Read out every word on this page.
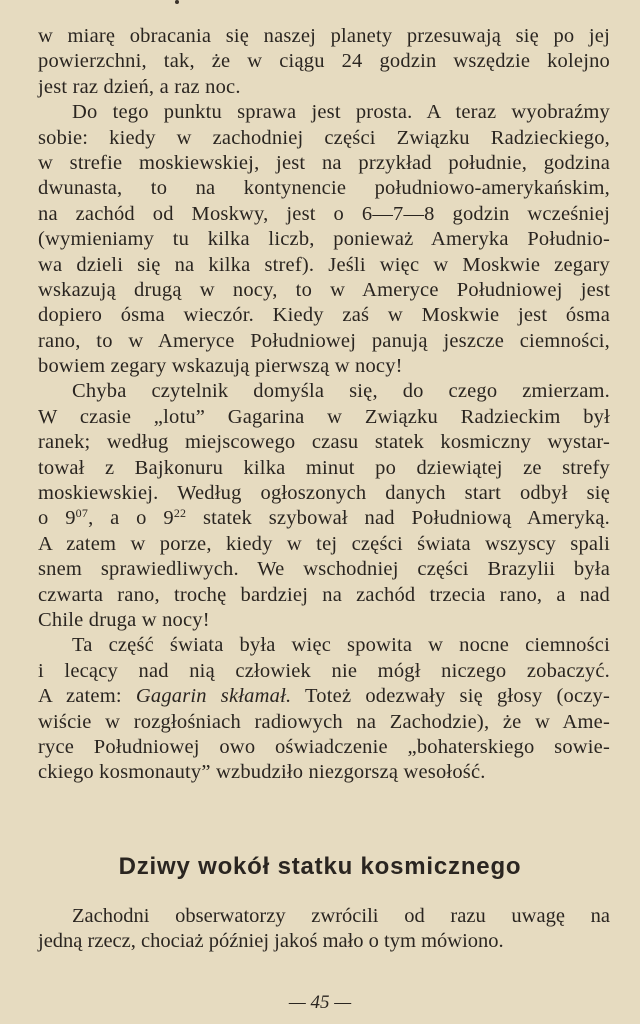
w miarę obracania się naszej planety przesuwają się po jej
powierzchni, tak, że w ciągu 24 godzin wszędzie kolejno
jest raz dzień, a raz noc.
Do tego punktu sprawa jest prosta. A teraz wyobraźmy
sobie: kiedy w zachodniej części Związku Radzieckiego,
w strefie moskiewskiej, jest na przykład południe, godzina
dwunasta, to na kontynencie południowo-amerykańskim,
na zachód od Moskwy, jest o 6—7—8 godzin wcześniej
(wymieniamy tu kilka liczb, ponieważ Ameryka Południo-
wa dzieli się na kilka stref). Jeśli więc w Moskwie zegary
wskazują drugą w nocy, to w Ameryce Południowej jest
dopiero ósma wieczór. Kiedy zaś w Moskwie jest ósma
rano, to w Ameryce Południowej panują jeszcze ciemności,
bowiem zegary wskazują pierwszą w nocy!
Chyba czytelnik domyśla się, do czego zmierzam.
W czasie „lotu” Gagarina w Związku Radzieckim był
ranek; według miejscowego czasu statek kosmiczny wystar-
tował z Bajkonuru kilka minut po dziewiątej ze strefy
moskiewskiej. Według ogłoszonych danych start odbył się
o $9^{07}$, a o $9^{22}$ statek szybował nad Południową Ameryką.
A zatem w porze, kiedy w tej części świata wszyscy spali
snem sprawiedliwych. We wschodniej części Brazylii była
czwarta rano, trochę bardziej na zachód trzecia rano, a nad
Chile druga w nocy!
Ta część świata była więc spowita w nocne ciemności
i lecący nad nią człowiek nie mógł niczego zobaczyć.
A zatem: Gagarin skłamał. Toteż odezwały się głosy (oczy-
wiście w rozgłośniach radiowych na Zachodzie), że w Ame-
ryce Południowej owo oświadczenie „bohaterskiego sowie-
ckiego kosmonauty” wzbudziło niezgorszą wesołość.
Dziwy wokół statku kosmicznego
Zachodni obserwatorzy zwrócili od razu uwagę na
jedną rzecz, chociaż później jakoś mało o tym mówiono.
— 45 —
